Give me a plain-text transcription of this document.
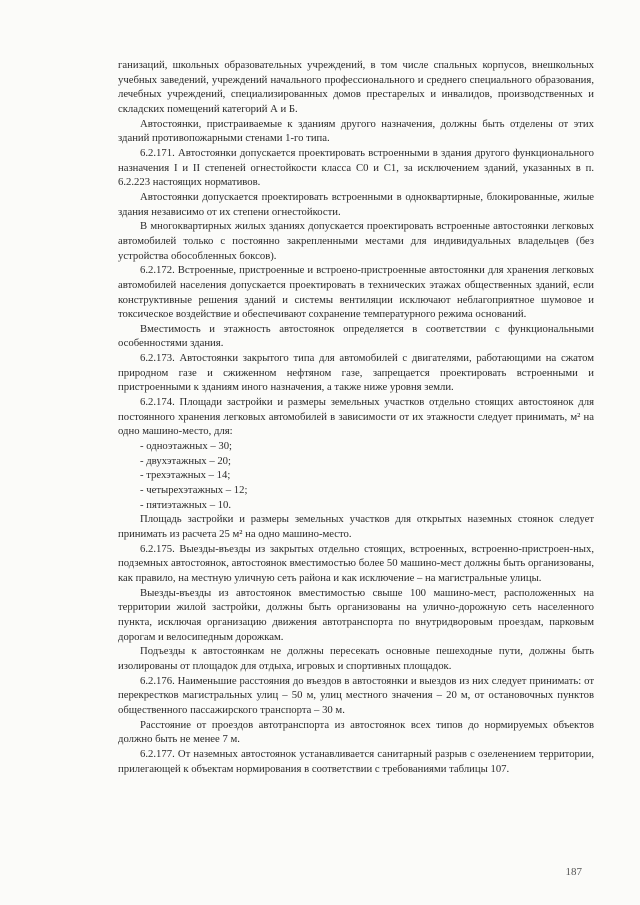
ганизаций, школьных образовательных учреждений, в том числе спальных корпусов, внешкольных учебных заведений, учреждений начального профессионального и среднего специального образования, лечебных учреждений, специализированных домов престарелых и инвалидов, производственных и складских помещений категорий А и Б.

Автостоянки, пристраиваемые к зданиям другого назначения, должны быть отделены от этих зданий противопожарными стенами 1-го типа.

6.2.171. Автостоянки допускается проектировать встроенными в здания другого функционального назначения I и II степеней огнестойкости класса С0 и С1, за исключением зданий, указанных в п. 6.2.223 настоящих нормативов.

Автостоянки допускается проектировать встроенными в одноквартирные, блокированные, жилые здания независимо от их степени огнестойкости.

В многоквартирных жилых зданиях допускается проектировать встроенные автостоянки легковых автомобилей только с постоянно закрепленными местами для индивидуальных владельцев (без устройства обособленных боксов).

6.2.172. Встроенные, пристроенные и встроено-пристроенные автостоянки для хранения легковых автомобилей населения допускается проектировать в технических этажах общественных зданий, если конструктивные решения зданий и системы вентиляции исключают неблагоприятное шумовое и токсическое воздействие и обеспечивают сохранение температурного режима оснований.

Вместимость и этажность автостоянок определяется в соответствии с функциональными особенностями здания.

6.2.173. Автостоянки закрытого типа для автомобилей с двигателями, работающими на сжатом природном газе и сжиженном нефтяном газе, запрещается проектировать встроенными и пристроенными к зданиям иного назначения, а также ниже уровня земли.

6.2.174. Площади застройки и размеры земельных участков отдельно стоящих автостоянок для постоянного хранения легковых автомобилей в зависимости от их этажности следует принимать, м² на одно машино-место, для:

- одноэтажных – 30;
- двухэтажных – 20;
- трехэтажных – 14;
- четырехэтажных – 12;
- пятиэтажных – 10.

Площадь застройки и размеры земельных участков для открытых наземных стоянок следует принимать из расчета 25 м² на одно машино-место.

6.2.175. Выезды-въезды из закрытых отдельно стоящих, встроенных, встроенно-пристроен-ных, подземных автостоянок, автостоянок вместимостью более 50 машино-мест должны быть организованы, как правило, на местную уличную сеть района и как исключение – на магистральные улицы.

Выезды-въезды из автостоянок вместимостью свыше 100 машино-мест, расположенных на территории жилой застройки, должны быть организованы на улично-дорожную сеть населенного пункта, исключая организацию движения автотранспорта по внутридворовым проездам, парковым дорогам и велосипедным дорожкам.

Подъезды к автостоянкам не должны пересекать основные пешеходные пути, должны быть изолированы от площадок для отдыха, игровых и спортивных площадок.

6.2.176. Наименьшие расстояния до въездов в автостоянки и выездов из них следует принимать: от перекрестков магистральных улиц – 50 м, улиц местного значения – 20 м, от остановочных пунктов общественного пассажирского транспорта – 30 м.

Расстояние от проездов автотранспорта из автостоянок всех типов до нормируемых объектов должно быть не менее 7 м.

6.2.177. От наземных автостоянок устанавливается санитарный разрыв с озеленением территории, прилегающей к объектам нормирования в соответствии с требованиями таблицы 107.

187
